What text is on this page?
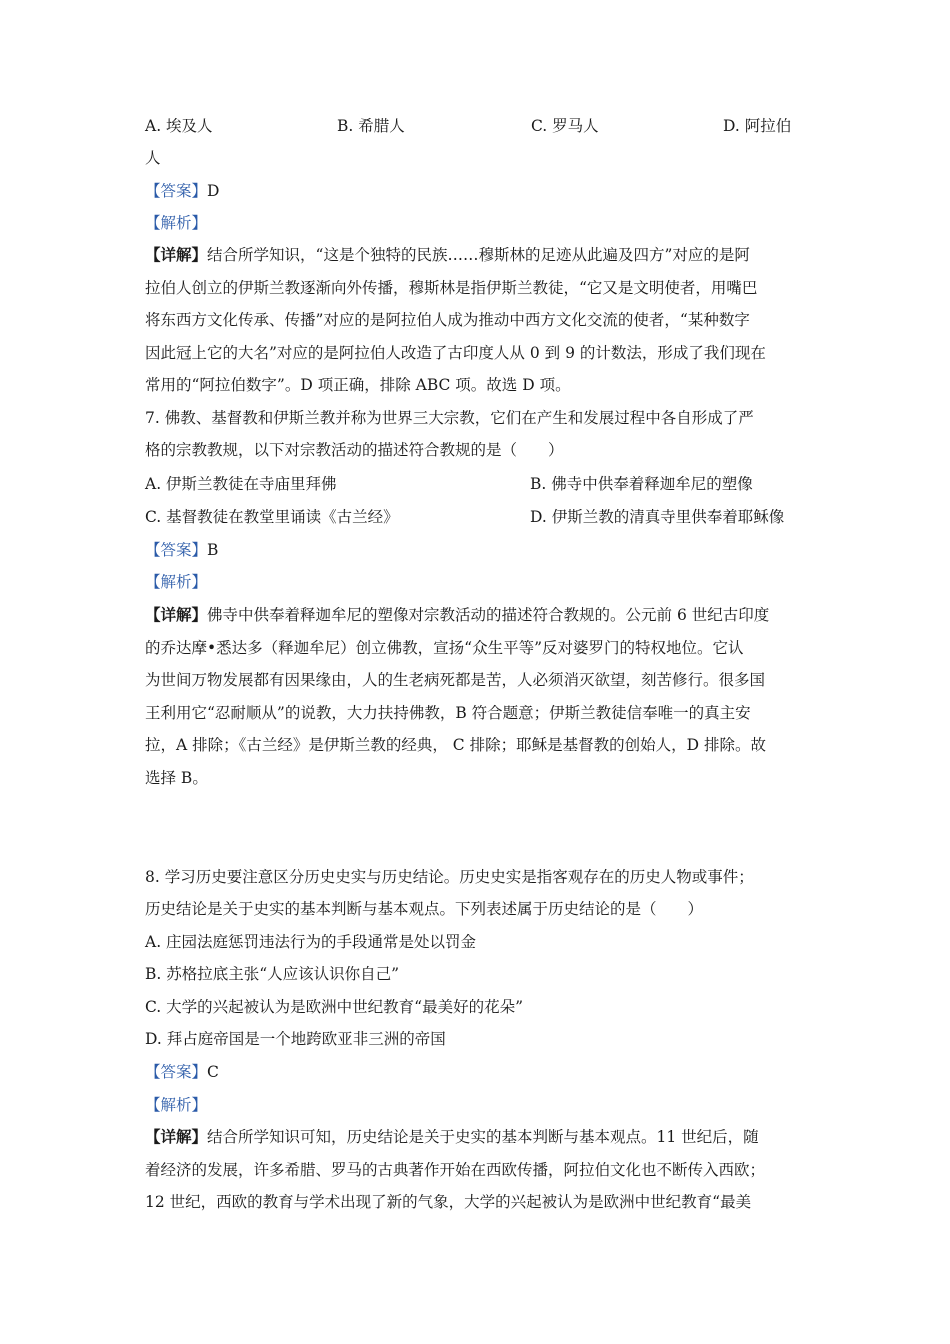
A. 埃及人	B. 希腊人	C. 罗马人	D. 阿拉伯
人
【答案】D
【解析】
【详解】结合所学知识，“这是个独特的民族……穆斯林的足迹从此遍及四方”对应的是阿
拉伯人创立的伊斯兰教逐渐向外传播，穆斯林是指伊斯兰教徒，“它又是文明使者，用嘴巴
将东西方文化传承、传播”对应的是阿拉伯人成为推动中西方文化交流的使者，“某种数字
因此冠上它的大名”对应的是阿拉伯人改造了古印度人从 0 到 9 的计数法，形成了我们现在
常用的“阿拉伯数字”。D 项正确，排除 ABC 项。故选 D 项。
7. 佛教、基督教和伊斯兰教并称为世界三大宗教，它们在产生和发展过程中各自形成了严
格的宗教教规，以下对宗教活动的描述符合教规的是（　　）
A. 伊斯兰教徒在寺庙里拜佛	B. 佛寺中供奉着释迦牟尼的塑像
C. 基督教徒在教堂里诵读《古兰经》	D. 伊斯兰教的清真寺里供奉着耶稣像
【答案】B
【解析】
【详解】佛寺中供奉着释迦牟尼的塑像对宗教活动的描述符合教规的。公元前 6 世纪古印度
的乔达摩•悉达多（释迦牟尼）创立佛教，宣扬“众生平等”反对婆罗门的特权地位。它认
为世间万物发展都有因果缘由，人的生老病死都是苦，人必须消灭欲望，刻苦修行。很多国
王利用它“忍耐顺从”的说教，大力扶持佛教，B 符合题意；伊斯兰教徒信奉唯一的真主安
拉，A 排除；《古兰经》是伊斯兰教的经典， C 排除；耶稣是基督教的创始人，D 排除。故
选择 B。
8. 学习历史要注意区分历史史实与历史结论。历史史实是指客观存在的历史人物或事件；
历史结论是关于史实的基本判断与基本观点。下列表述属于历史结论的是（　　）
A. 庄园法庭惩罚违法行为的手段通常是处以罚金
B. 苏格拉底主张“人应该认识你自己”
C. 大学的兴起被认为是欧洲中世纪教育“最美好的花朵”
D. 拜占庭帝国是一个地跨欧亚非三洲的帝国
【答案】C
【解析】
【详解】结合所学知识可知，历史结论是关于史实的基本判断与基本观点。11 世纪后，随
着经济的发展，许多希腊、罗马的古典著作开始在西欧传播，阿拉伯文化也不断传入西欧；
12 世纪，西欧的教育与学术出现了新的气象，大学的兴起被认为是欧洲中世纪教育“最美
